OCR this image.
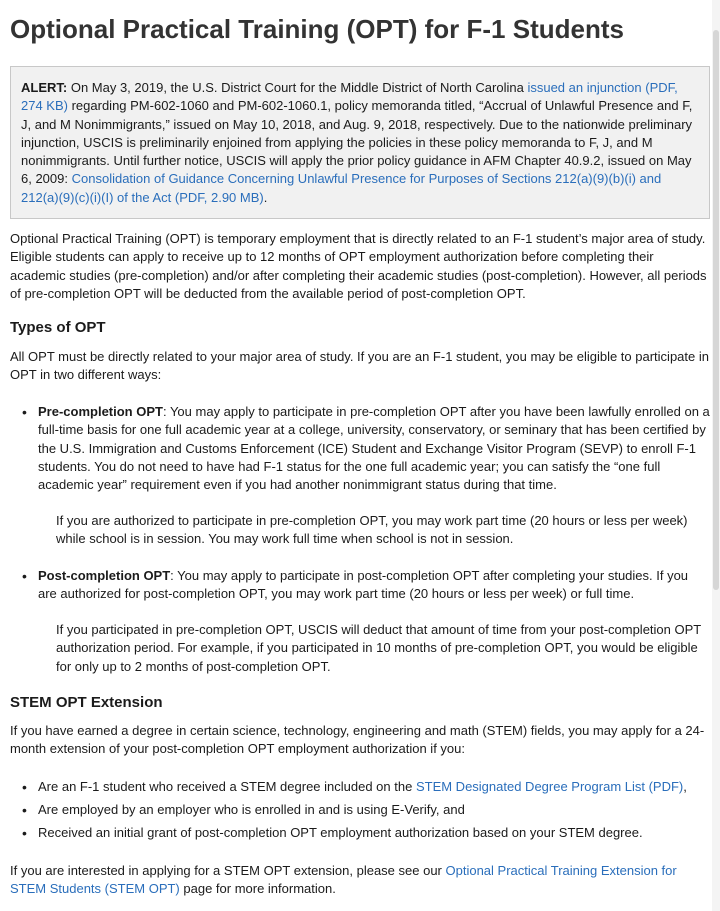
Optional Practical Training (OPT) for F-1 Students
ALERT: On May 3, 2019, the U.S. District Court for the Middle District of North Carolina issued an injunction (PDF, 274 KB) regarding PM-602-1060 and PM-602-1060.1, policy memoranda titled, “Accrual of Unlawful Presence and F, J, and M Nonimmigrants,” issued on May 10, 2018, and Aug. 9, 2018, respectively. Due to the nationwide preliminary injunction, USCIS is preliminarily enjoined from applying the policies in these policy memoranda to F, J, and M nonimmigrants. Until further notice, USCIS will apply the prior policy guidance in AFM Chapter 40.9.2, issued on May 6, 2009: Consolidation of Guidance Concerning Unlawful Presence for Purposes of Sections 212(a)(9)(b)(i) and 212(a)(9)(c)(i)(I) of the Act (PDF, 2.90 MB).

Optional Practical Training (OPT) is temporary employment that is directly related to an F-1 student’s major area of study. Eligible students can apply to receive up to 12 months of OPT employment authorization before completing their academic studies (pre-completion) and/or after completing their academic studies (post-completion). However, all periods of pre-completion OPT will be deducted from the available period of post-completion OPT.

Types of OPT

All OPT must be directly related to your major area of study. If you are an F-1 student, you may be eligible to participate in OPT in two different ways:

• Pre-completion OPT: You may apply to participate in pre-completion OPT after you have been lawfully enrolled on a full-time basis for one full academic year at a college, university, conservatory, or seminary that has been certified by the U.S. Immigration and Customs Enforcement (ICE) Student and Exchange Visitor Program (SEVP) to enroll F-1 students. You do not need to have had F-1 status for the one full academic year; you can satisfy the “one full academic year” requirement even if you had another nonimmigrant status during that time.
If you are authorized to participate in pre-completion OPT, you may work part time (20 hours or less per week) while school is in session. You may work full time when school is not in session.
• Post-completion OPT: You may apply to participate in post-completion OPT after completing your studies. If you are authorized for post-completion OPT, you may work part time (20 hours or less per week) or full time.
If you participated in pre-completion OPT, USCIS will deduct that amount of time from your post-completion OPT authorization period. For example, if you participated in 10 months of pre-completion OPT, you would be eligible for only up to 2 months of post-completion OPT.
STEM OPT Extension

If you have earned a degree in certain science, technology, engineering and math (STEM) fields, you may apply for a 24-month extension of your post-completion OPT employment authorization if you:

• Are an F-1 student who received a STEM degree included on the STEM Designated Degree Program List (PDF),
• Are employed by an employer who is enrolled in and is using E-Verify, and
• Received an initial grant of post-completion OPT employment authorization based on your STEM degree.

If you are interested in applying for a STEM OPT extension, please see our Optional Practical Training Extension for STEM Students (STEM OPT) page for more information.
